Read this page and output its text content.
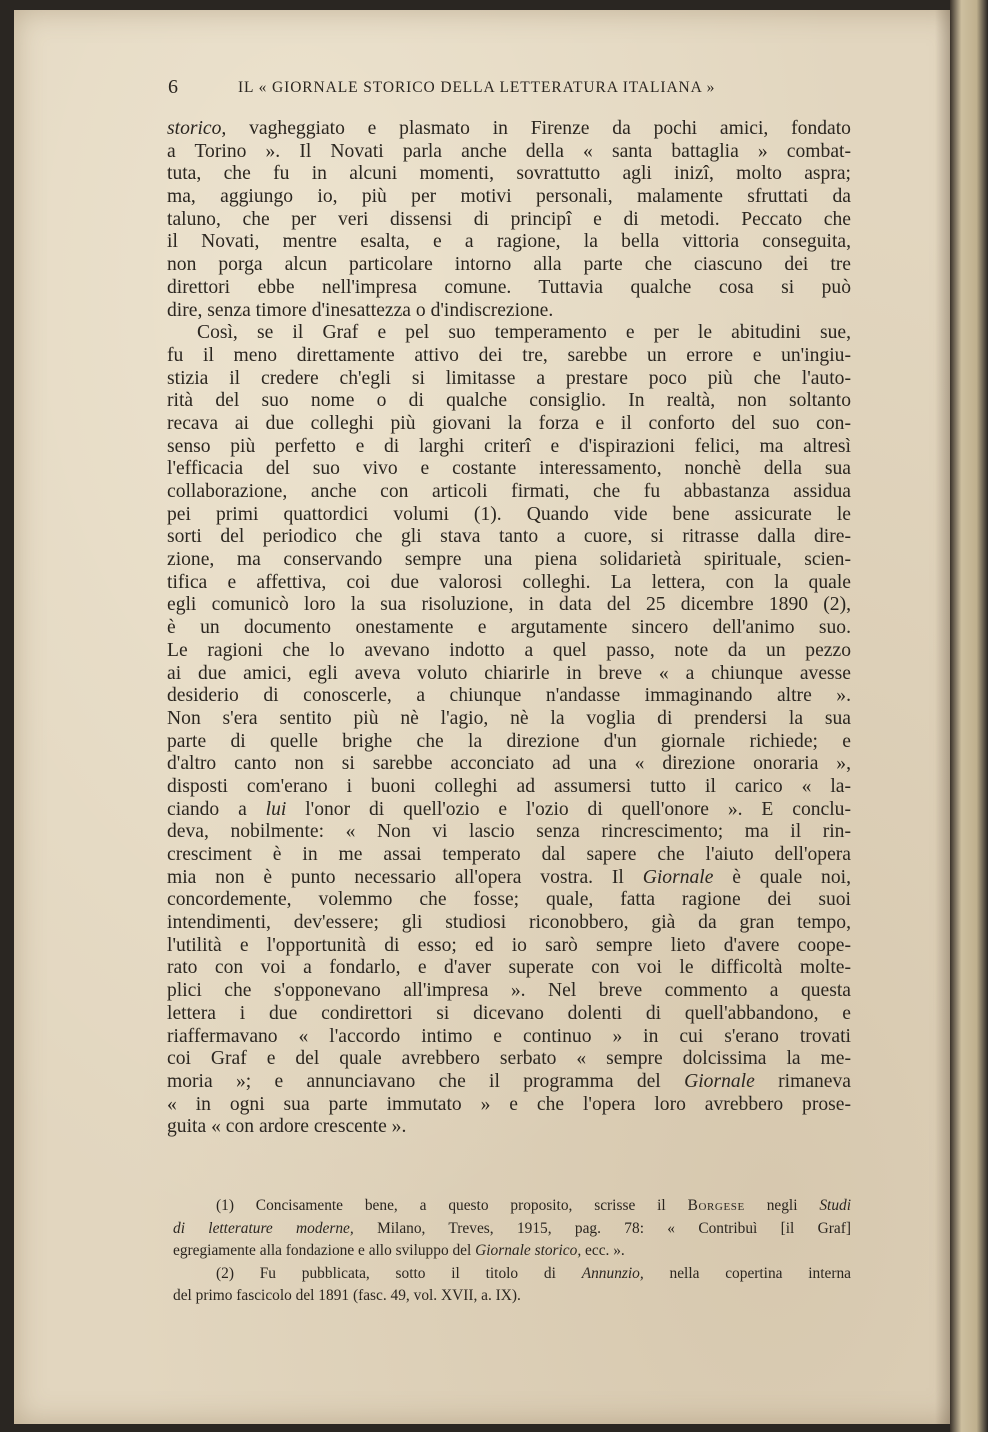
6	IL « GIORNALE STORICO DELLA LETTERATURA ITALIANA »
storico, vagheggiato e plasmato in Firenze da pochi amici, fondato
a Torino ». Il Novati parla anche della « santa battaglia » combat-
tuta, che fu in alcuni momenti, sovrattutto agli inizî, molto aspra;
ma, aggiungo io, più per motivi personali, malamente sfruttati da
taluno, che per veri dissensi di principî e di metodi. Peccato che
il Novati, mentre esalta, e a ragione, la bella vittoria conseguita,
non porga alcun particolare intorno alla parte che ciascuno dei tre
direttori ebbe nell'impresa comune. Tuttavia qualche cosa si può
dire, senza timore d'inesattezza o d'indiscrezione.
Così, se il Graf e pel suo temperamento e per le abitudini sue,
fu il meno direttamente attivo dei tre, sarebbe un errore e un'ingiu-
stizia il credere ch'egli si limitasse a prestare poco più che l'auto-
rità del suo nome o di qualche consiglio. In realtà, non soltanto
recava ai due colleghi più giovani la forza e il conforto del suo con-
senso più perfetto e di larghi criterî e d'ispirazioni felici, ma altresì
l'efficacia del suo vivo e costante interessamento, nonchè della sua
collaborazione, anche con articoli firmati, che fu abbastanza assidua
pei primi quattordici volumi (1). Quando vide bene assicurate le
sorti del periodico che gli stava tanto a cuore, si ritrasse dalla dire-
zione, ma conservando sempre una piena solidarietà spirituale, scien-
tifica e affettiva, coi due valorosi colleghi. La lettera, con la quale
egli comunicò loro la sua risoluzione, in data del 25 dicembre 1890 (2),
è un documento onestamente e argutamente sincero dell'animo suo.
Le ragioni che lo avevano indotto a quel passo, note da un pezzo
ai due amici, egli aveva voluto chiarirle in breve « a chiunque avesse
desiderio di conoscerle, a chiunque n'andasse immaginando altre ».
Non s'era sentito più nè l'agio, nè la voglia di prendersi la sua
parte di quelle brighe che la direzione d'un giornale richiede; e
d'altro canto non si sarebbe acconciato ad una « direzione onoraria »,
disposti com'erano i buoni colleghi ad assumersi tutto il carico « la-
ciando a lui l'onor di quell'ozio e l'ozio di quell'onore ». E conclu-
deva, nobilmente: « Non vi lascio senza rincrescimento; ma il rin-
cresciment è in me assai temperato dal sapere che l'aiuto dell'opera
mia non è punto necessario all'opera vostra. Il Giornale è quale noi,
concordemente, volemmo che fosse; quale, fatta ragione dei suoi
intendimenti, dev'essere; gli studiosi riconobbero, già da gran tempo,
l'utilità e l'opportunità di esso; ed io sarò sempre lieto d'avere coope-
rato con voi a fondarlo, e d'aver superate con voi le difficoltà molte-
plici che s'opponevano all'impresa ». Nel breve commento a questa
lettera i due condirettori si dicevano dolenti di quell'abbandono, e
riaffermavano « l'accordo intimo e continuo » in cui s'erano trovati
coi Graf e del quale avrebbero serbato « sempre dolcissima la me-
moria »; e annunciavano che il programma del Giornale rimaneva
« in ogni sua parte immutato » e che l'opera loro avrebbero prose-
guita « con ardore crescente ».
(1) Concisamente bene, a questo proposito, scrisse il Borgese negli Studi
di letterature moderne, Milano, Treves, 1915, pag. 78: « Contribuì [il Graf]
egregiamente alla fondazione e allo sviluppo del Giornale storico, ecc. ».
(2) Fu pubblicata, sotto il titolo di Annunzio, nella copertina interna
del primo fascicolo del 1891 (fasc. 49, vol. XVII, a. IX).
